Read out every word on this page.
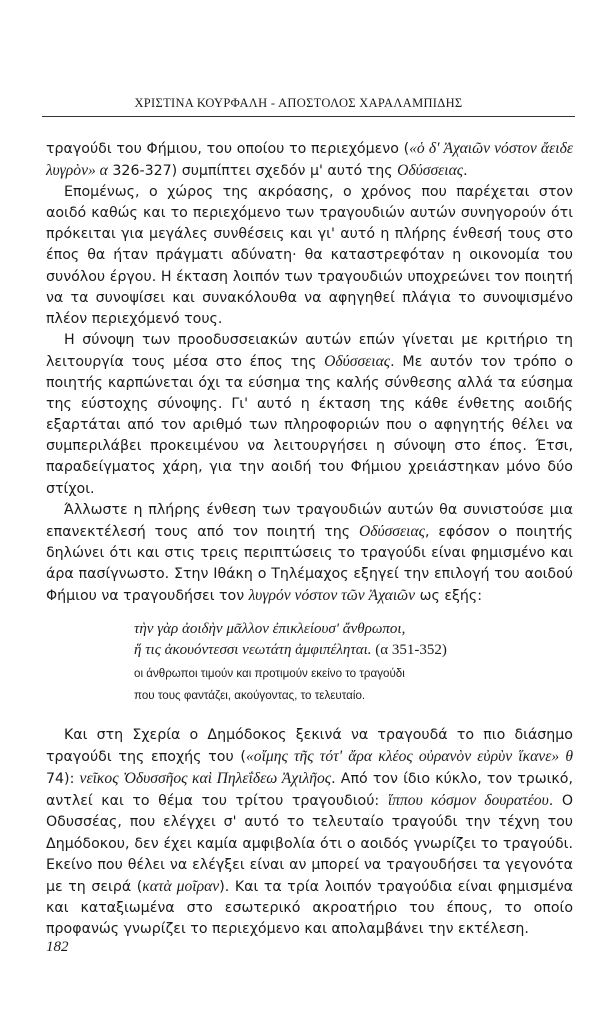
ΧΡΙΣΤΙΝΑ ΚΟΥΡΦΑΛΗ - ΑΠΟΣΤΟΛΟΣ ΧΑΡΑΛΑΜΠΙΔΗΣ

τραγούδι του Φήμιου, του οποίου το περιεχόμενο («ὁ δ' Ἀχαιῶν νόστον ἄειδε λυγρὸν» α 326-327) συμπίπτει σχεδόν μ' αυτό της Οδύσσειας.

Επομένως, ο χώρος της ακρόασης, ο χρόνος που παρέχεται στον αοιδό καθώς και το περιεχόμενο των τραγουδιών αυτών συνηγορούν ότι πρόκειται για μεγάλες συνθέσεις και γι' αυτό η πλήρης ένθεσή τους στο έπος θα ήταν πράγματι αδύνατη· θα καταστρεφόταν η οικονομία του συνόλου έργου. Η έκταση λοιπόν των τραγουδιών υποχρεώνει τον ποιητή να τα συνοψίσει και συνακόλουθα να αφηγηθεί πλάγια το συνοψισμένο πλέον περιεχόμενό τους.

Η σύνοψη των προοδυσσειακών αυτών επών γίνεται με κριτήριο τη λειτουργία τους μέσα στο έπος της Οδύσσειας. Με αυτόν τον τρόπο ο ποιητής καρπώνεται όχι τα εύσημα της καλής σύνθεσης αλλά τα εύσημα της εύστοχης σύνοψης. Γι' αυτό η έκταση της κάθε ένθετης αοιδής εξαρτάται από τον αριθμό των πληροφοριών που ο αφηγητής θέλει να συμπεριλάβει προκειμένου να λειτουργήσει η σύνοψη στο έπος. Έτσι, παραδείγματος χάρη, για την αοιδή του Φήμιου χρειάστηκαν μόνο δύο στίχοι.

Άλλωστε η πλήρης ένθεση των τραγουδιών αυτών θα συνιστούσε μια επανεκτέλεσή τους από τον ποιητή της Οδύσσειας, εφόσον ο ποιητής δηλώνει ότι και στις τρεις περιπτώσεις το τραγούδι είναι φημισμένο και άρα πασίγνωστο. Στην Ιθάκη ο Τηλέμαχος εξηγεί την επιλογή του αοιδού Φήμιου να τραγουδήσει τον λυγρόν νόστον τῶν Ἀχαιῶν ως εξής:

τὴν γὰρ ἀοιδὴν μᾶλλον ἐπικλείουσ' ἄνθρωποι,
ἥ τις ἀκουόντεσσι νεωτάτη ἀμφιπέληται. (α 351-352)
οι άνθρωποι τιμούν και προτιμούν εκείνο το τραγούδι
που τους φαντάζει, ακούγοντας, το τελευταίο.

Και στη Σχερία ο Δημόδοκος ξεκινά να τραγουδά το πιο διάσημο τραγούδι της εποχής του («οἴμης τῆς τότ' ἄρα κλέος οὐρανὸν εὐρὺν ἵκανε» θ 74): νεῖκος Ὀδυσσῆος καὶ Πηλεΐδεω Ἀχιλῆος. Από τον ίδιο κύκλο, τον τρωικό, αντλεί και το θέμα του τρίτου τραγουδιού: ἵππου κόσμον δουρατέου. Ο Οδυσσέας, που ελέγχει σ' αυτό το τελευταίο τραγούδι την τέχνη του Δημόδοκου, δεν έχει καμία αμφιβολία ότι ο αοιδός γνωρίζει το τραγούδι. Εκείνο που θέλει να ελέγξει είναι αν μπορεί να τραγουδήσει τα γεγονότα με τη σειρά (κατὰ μοῖραν). Και τα τρία λοιπόν τραγούδια είναι φημισμένα και καταξιωμένα στο εσωτερικό ακροατήριο του έπους, το οποίο προφανώς γνωρίζει το περιεχόμενο και απολαμβάνει την εκτέλεση.

182
